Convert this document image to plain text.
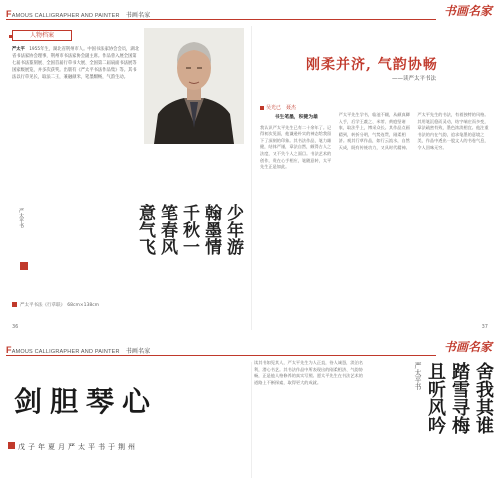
FAMOUS CALLIGRAPHER AND PAINTER 书画名家	书画名家
人物档案
严太平　 1955年生，湖北省荆州市人。中国书法家协会会员，湖北省书法家协会理事，荆州市书法家协会副主席。作品曾入展全国第七届书法篆刻展、全国首届行草书大展、全国第二届扇面书法展等国家级展览，并多次获奖。出版有《严太平书法作品集》等。其书法以行草见长，取法二王，兼融颜米，笔墨酣畅，气韵生动。
少年游
翰墨情
千秋一
笔春风
意气飞
严太平书
严太平书法《行草联》　 68cm×138cm
36
刚柔并济, 气韵协畅
——读严太平书法
吴光已　 聂杰
书生笔墨，积健为雄

我认识严太平先生已有二十余年了。记得初次见面，他谦逊朴实的神态给我留下了深刻的印象。其书法作品，笔力雄健，结体严谨，章法自然，颇得古人之法度，又不失个人之面目。书法艺术的创作，贵在心手相应，笔随意转，太平先生正是如此。

严太平先生学书，临池不辍，从颜真卿入手，后学王羲之、米芾、黄庭坚诸家，取法乎上，博采众长。其作品点画精到，转折分明，气势连贯，刚柔相济。观其行草作品，如行云流水，自然天成，既有传统功力，又具时代精神。

严太平先生的书法，有着独特的风格。其用笔沉稳而灵动，结字端庄而多变，章法疏密有致，墨色浓淡相宜。他注重书法的内在气韵，追求笔墨的意境之美，作品中透出一股文人的书卷气息，令人回味无穷。

37
FAMOUS CALLIGRAPHER AND PAINTER 书画名家	书画名家
剑胆琴心
戊子年夏月严太平书于荆州

读其书如见其人，严太平先生为人正直，待人诚恳，淡泊名利，潜心书艺。其书法作品中所表现出的刚柔相济、气韵协畅，正是他人格修养的真实写照。愿太平先生在书法艺术的道路上不断探索，取得更大的成就。	舍我其谁
踏雪寻梅
且听风吟
严太平书
